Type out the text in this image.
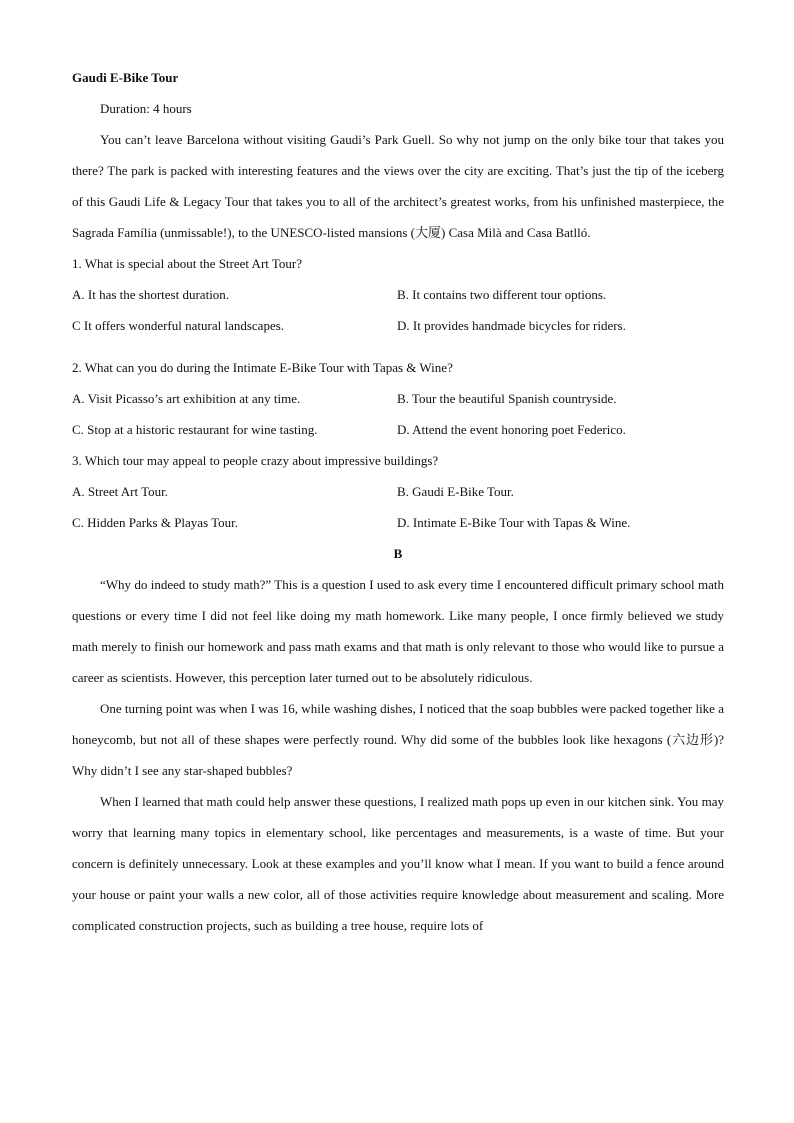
Gaudi E-Bike Tour
Duration: 4 hours

You can’t leave Barcelona without visiting Gaudi’s Park Guell. So why not jump on the only bike tour that takes you there? The park is packed with interesting features and the views over the city are exciting. That’s just the tip of the iceberg of this Gaudi Life & Legacy Tour that takes you to all of the architect’s greatest works, from his unfinished masterpiece, the Sagrada Família (unmissable!), to the UNESCO-listed mansions (大厦) Casa Milà and Casa Batlló.

1. What is special about the Street Art Tour?
A. It has the shortest duration.	B. It contains two different tour options.
C It offers wonderful natural landscapes.	D. It provides handmade bicycles for riders.
2. What can you do during the Intimate E-Bike Tour with Tapas & Wine?
A. Visit Picasso’s art exhibition at any time.	B. Tour the beautiful Spanish countryside.
C. Stop at a historic restaurant for wine tasting.	D. Attend the event honoring poet Federico.
3. Which tour may appeal to people crazy about impressive buildings?
A. Street Art Tour.	B. Gaudi E-Bike Tour.
C. Hidden Parks & Playas Tour.	D. Intimate E-Bike Tour with Tapas & Wine.
B

“Why do indeed to study math?” This is a question I used to ask every time I encountered difficult primary school math questions or every time I did not feel like doing my math homework. Like many people, I once firmly believed we study math merely to finish our homework and pass math exams and that math is only relevant to those who would like to pursue a career as scientists. However, this perception later turned out to be absolutely ridiculous.

One turning point was when I was 16, while washing dishes, I noticed that the soap bubbles were packed together like a honeycomb, but not all of these shapes were perfectly round. Why did some of the bubbles look like hexagons (六边形)? Why didn’t I see any star-shaped bubbles?

When I learned that math could help answer these questions, I realized math pops up even in our kitchen sink. You may worry that learning many topics in elementary school, like percentages and measurements, is a waste of time. But your concern is definitely unnecessary. Look at these examples and you’ll know what I mean. If you want to build a fence around your house or paint your walls a new color, all of those activities require knowledge about measurement and scaling. More complicated construction projects, such as building a tree house, require lots of
